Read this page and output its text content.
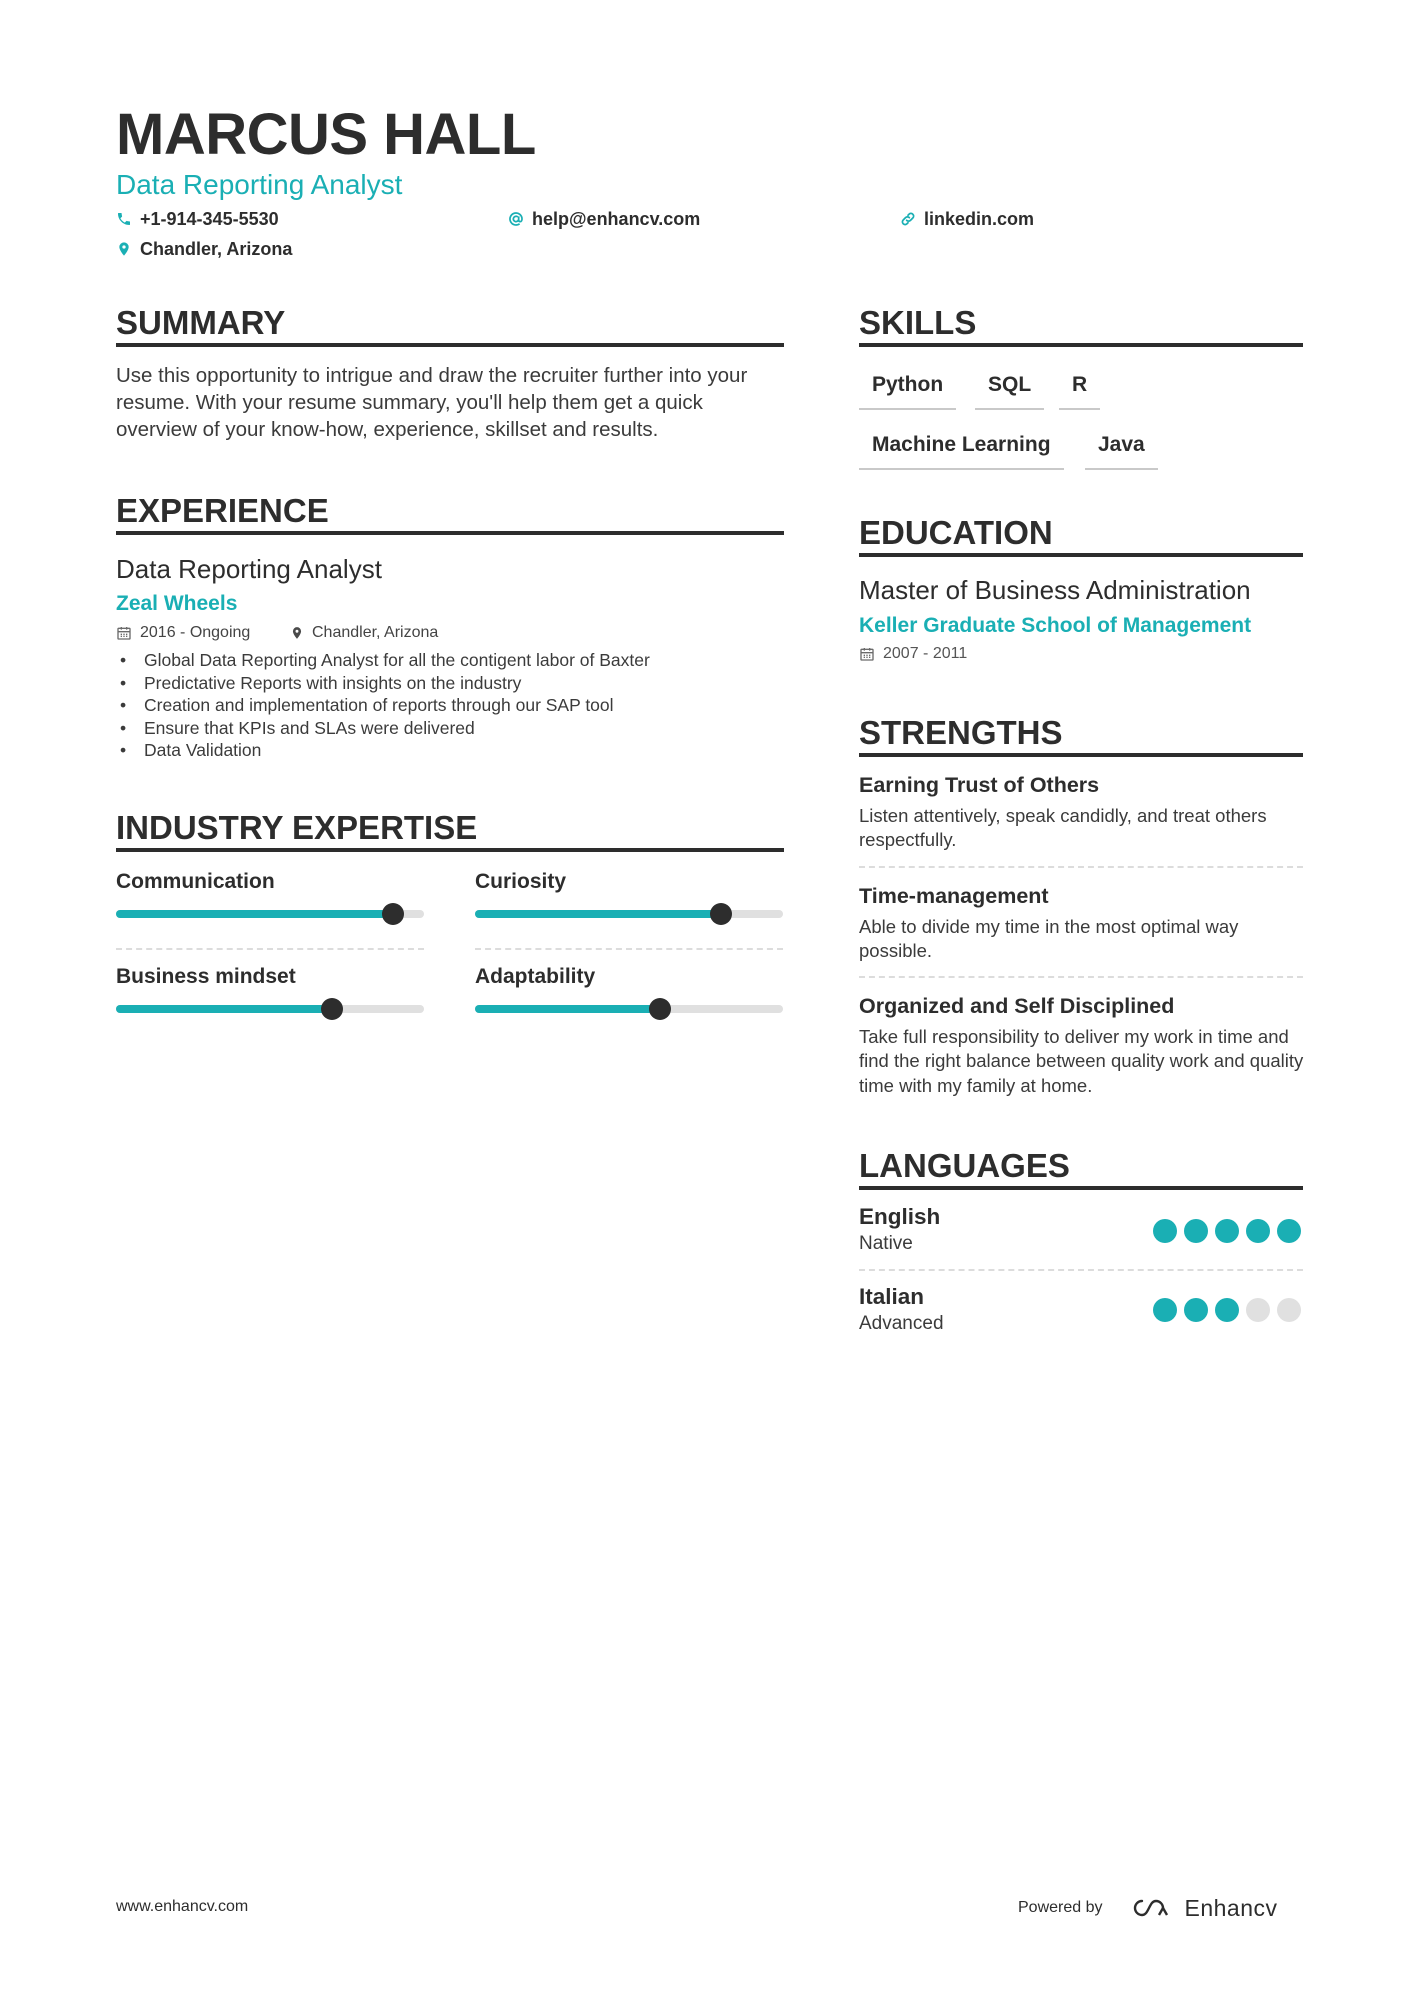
MARCUS HALL
Data Reporting Analyst
+1-914-345-5530	help@enhancv.com	linkedin.com
Chandler, Arizona
SUMMARY
Use this opportunity to intrigue and draw the recruiter further into your resume. With your resume summary, you'll help them get a quick overview of your know-how, experience, skillset and results.
EXPERIENCE
Data Reporting Analyst
Zeal Wheels
2016 - Ongoing	Chandler, Arizona
• Global Data Reporting Analyst for all the contigent labor of Baxter
• Predictative Reports with insights on the industry
• Creation and implementation of reports through our SAP tool
• Ensure that KPIs and SLAs were delivered
• Data Validation
INDUSTRY EXPERTISE
Communication	Curiosity
Business mindset	Adaptability
SKILLS
Python	SQL	R
Machine Learning	Java
EDUCATION
Master of Business Administration
Keller Graduate School of Management
2007 - 2011
STRENGTHS
Earning Trust of Others
Listen attentively, speak candidly, and treat others respectfully.
Time-management
Able to divide my time in the most optimal way possible.
Organized and Self Disciplined
Take full responsibility to deliver my work in time and find the right balance between quality work and quality time with my family at home.
LANGUAGES
English
Native
Italian
Advanced
www.enhancv.com	Powered by	Enhancv
